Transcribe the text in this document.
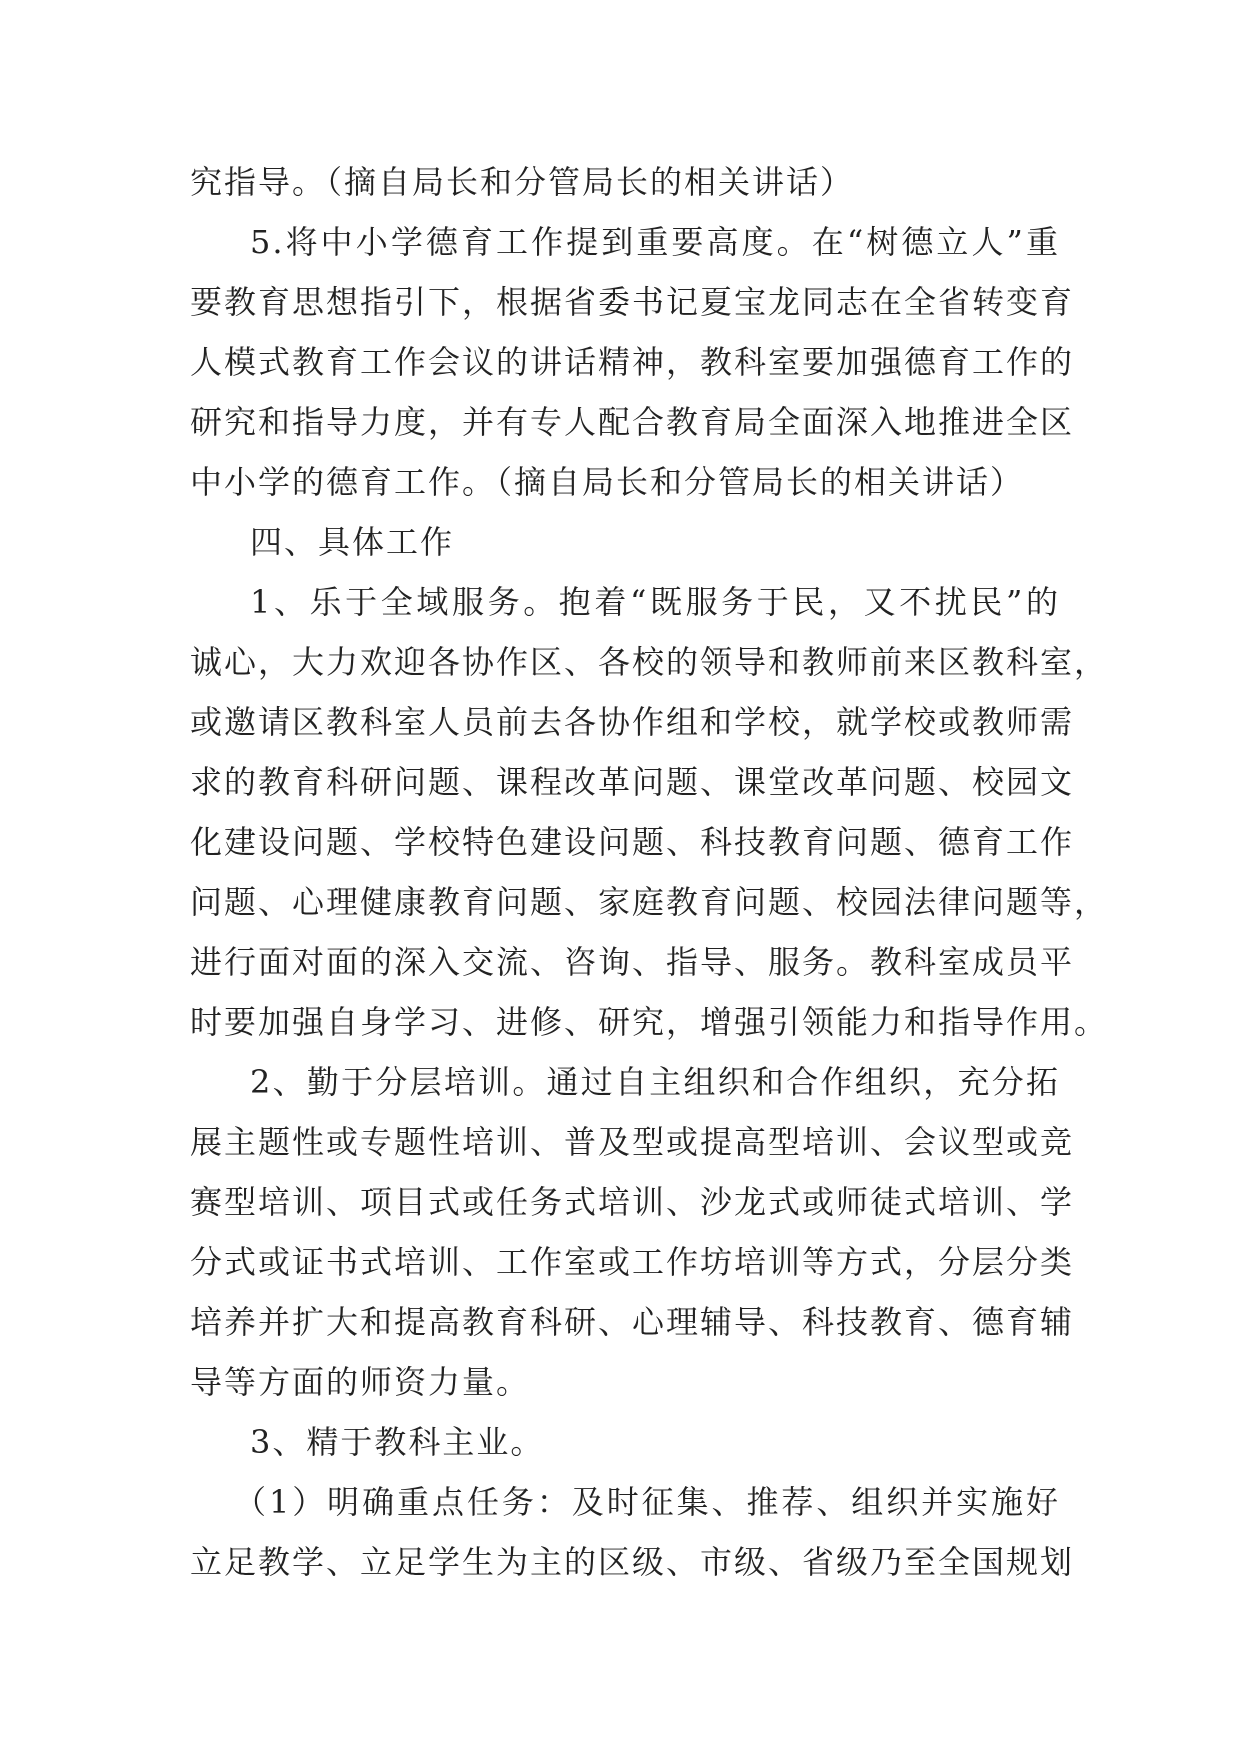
究指导。（摘自局长和分管局长的相关讲话）
5.将中小学德育工作提到重要高度。在“树德立人”重
要教育思想指引下，根据省委书记夏宝龙同志在全省转变育
人模式教育工作会议的讲话精神，教科室要加强德育工作的
研究和指导力度，并有专人配合教育局全面深入地推进全区
中小学的德育工作。（摘自局长和分管局长的相关讲话）
四、具体工作
1、乐于全域服务。抱着“既服务于民，又不扰民”的
诚心，大力欢迎各协作区、各校的领导和教师前来区教科室，
或邀请区教科室人员前去各协作组和学校，就学校或教师需
求的教育科研问题、课程改革问题、课堂改革问题、校园文
化建设问题、学校特色建设问题、科技教育问题、德育工作
问题、心理健康教育问题、家庭教育问题、校园法律问题等，
进行面对面的深入交流、咨询、指导、服务。教科室成员平
时要加强自身学习、进修、研究，增强引领能力和指导作用。
2、勤于分层培训。通过自主组织和合作组织，充分拓
展主题性或专题性培训、普及型或提高型培训、会议型或竞
赛型培训、项目式或任务式培训、沙龙式或师徒式培训、学
分式或证书式培训、工作室或工作坊培训等方式，分层分类
培养并扩大和提高教育科研、心理辅导、科技教育、德育辅
导等方面的师资力量。
3、精于教科主业。
（1）明确重点任务：及时征集、推荐、组织并实施好
立足教学、立足学生为主的区级、市级、省级乃至全国规划
